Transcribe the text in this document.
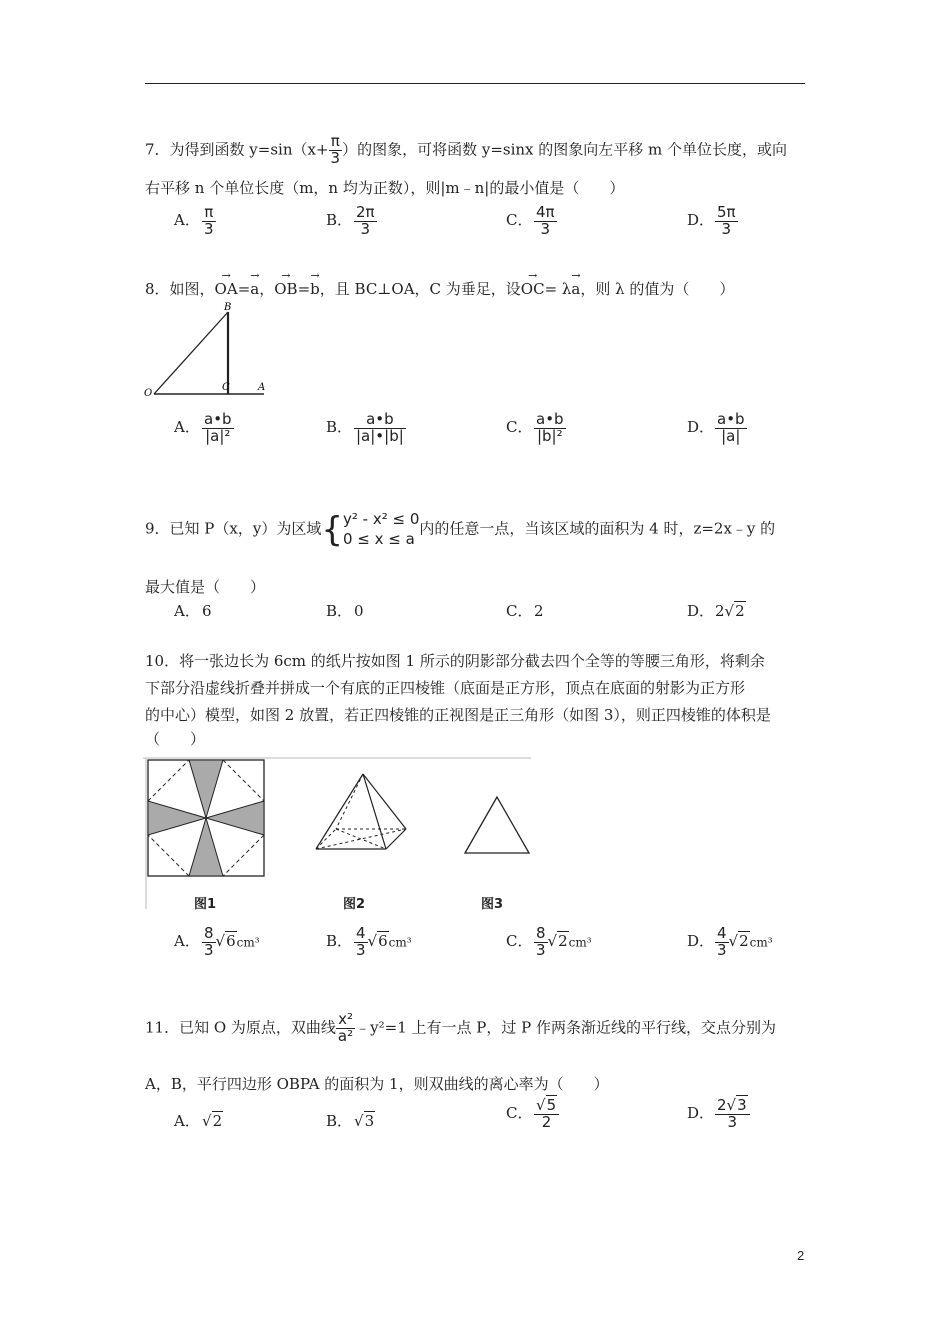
7．为得到函数 $y=\sin(x+ \frac{\pi}{3}$ ）的图象，可将函数 y=sinx 的图象向左平移 m 个单位长度，或向
右平移 n 个单位长度（m，n 均为正数），则|m﹣n|的最小值是（　　）
A． $\frac{\pi}{3}$	B． $\frac{2\pi}{3}$	C． $\frac{4\pi}{3}$	D． $\frac{5\pi}{3}$
8．如图，→ OA=→ a，→ OB=→ b，且 BC⊥OA，C 为垂足，设→ OC= λ→ a，则 λ 的值为（　　）
B
O
C	A
A． $\frac{a•b}{\text{|a|²}}$	B． $\frac{a•b}{|a|•|b|}$	C． $\frac{a•b}{\text{|b|²}}$	D． $\frac{a•b}{|a|}$
9．已知 P（x，y）为区域{ y² - x² ≤ 0
0 ≤ x ≤ a
内的任意一点，当该区域的面积为 4 时，z=2x﹣y 的
最大值是（　　）
A． 6	B． 0	C． 2	D．2√2
10．将一张边长为 6cm 的纸片按如图 1 所示的阴影部分截去四个全等的等腰三角形，将剩余
下部分沿虚线折叠并拼成一个有底的正四棱锥（底面是正方形，顶点在底面的射影为正方形
的中心）模型，如图 2 放置，若正四棱锥的正视图是正三角形（如图 3），则正四棱锥的体积是
（　　）
图1	图2	图3
A． $\frac{8}{3} √6cm^3$	B． $\frac{4}{3} √6cm^3$	C． $\frac{8}{3} √2cm^3$	D． $\frac{4}{3} √2cm^3$
11．已知 O 为原点，双曲线 $\frac{\text{x²}}{\text{a²}}$ ﹣y²=1 上有一点 P，过 P 作两条渐近线的平行线，交点分别为
A，B，平行四边形 OBPA 的面积为 1，则双曲线的离心率为（　　）
A． √2	B． √3	C． $\frac{√5}{2}$	D． $\frac{2√3}{3}$
2
